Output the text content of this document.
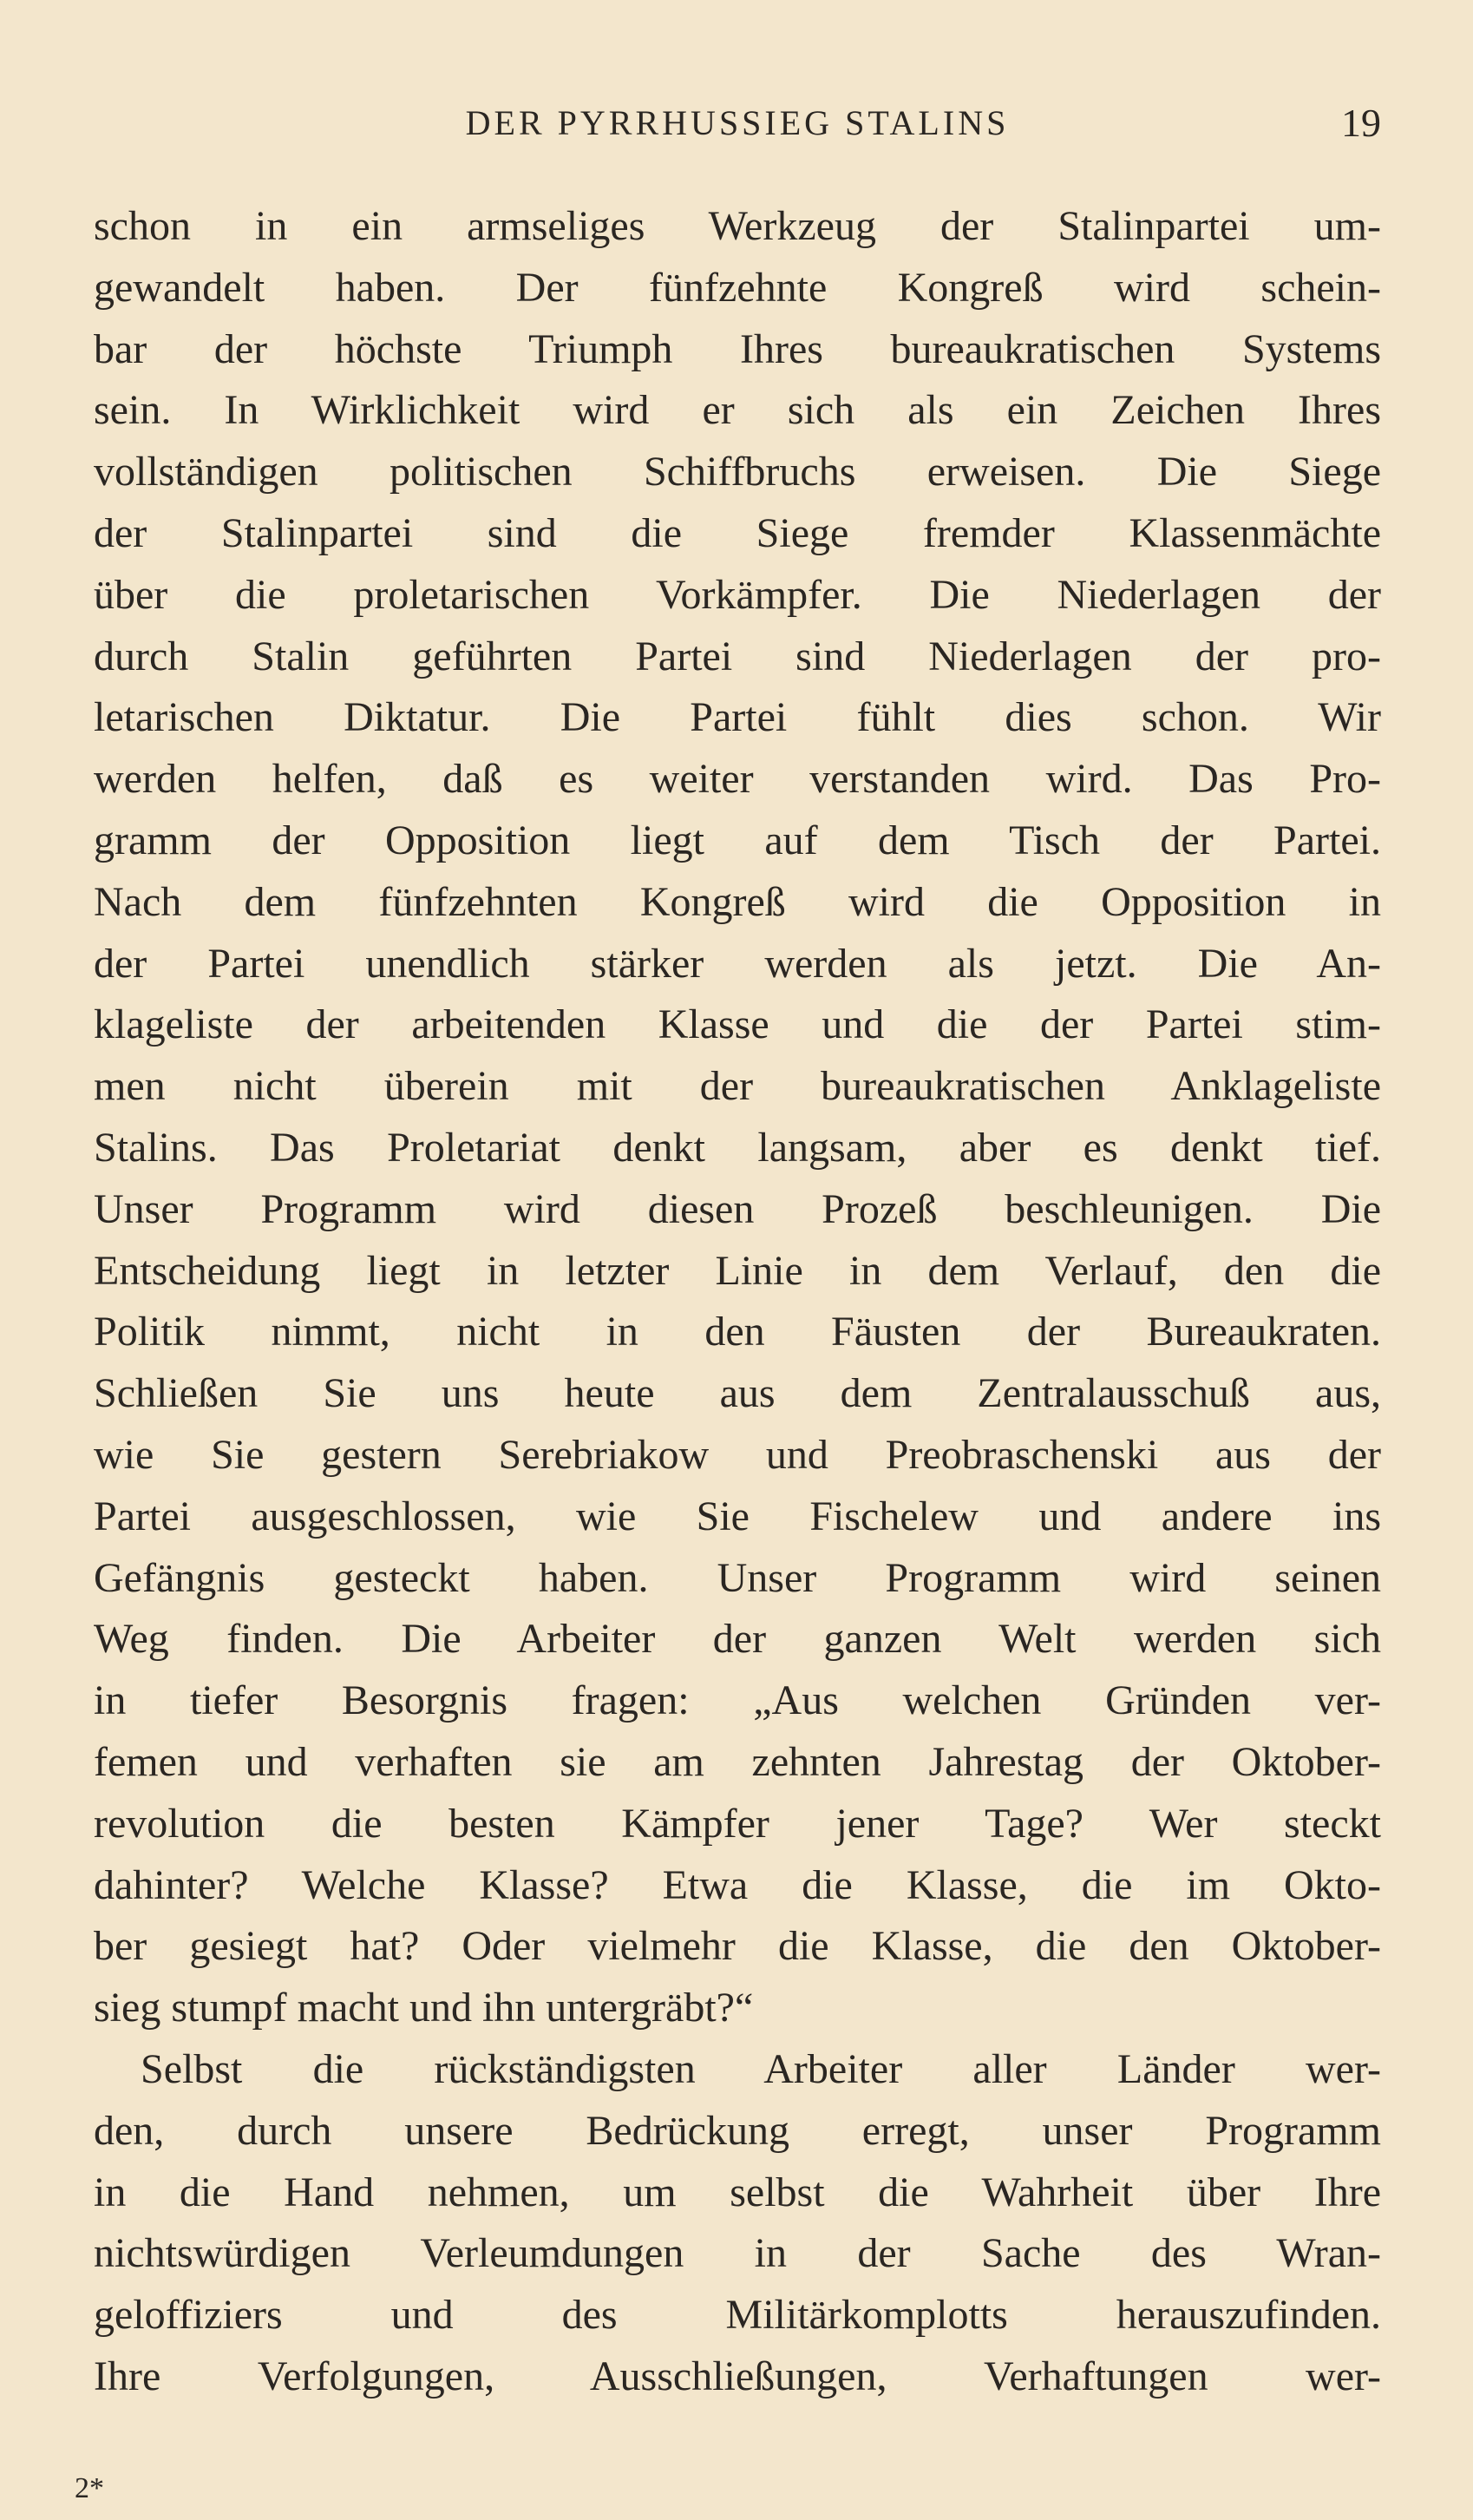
DER PYRRHUSSIEG STALINS	19
schon in ein armseliges Werkzeug der Stalinpartei um-
gewandelt haben. Der fünfzehnte Kongreß wird schein-
bar der höchste Triumph Ihres bureaukratischen Systems
sein. In Wirklichkeit wird er sich als ein Zeichen Ihres
vollständigen politischen Schiffbruchs erweisen. Die Siege
der Stalinpartei sind die Siege fremder Klassenmächte
über die proletarischen Vorkämpfer. Die Niederlagen der
durch Stalin geführten Partei sind Niederlagen der pro-
letarischen Diktatur. Die Partei fühlt dies schon. Wir
werden helfen, daß es weiter verstanden wird. Das Pro-
gramm der Opposition liegt auf dem Tisch der Partei.
Nach dem fünfzehnten Kongreß wird die Opposition in
der Partei unendlich stärker werden als jetzt. Die An-
klageliste der arbeitenden Klasse und die der Partei stim-
men nicht überein mit der bureaukratischen Anklageliste
Stalins. Das Proletariat denkt langsam, aber es denkt tief.
Unser Programm wird diesen Prozeß beschleunigen. Die
Entscheidung liegt in letzter Linie in dem Verlauf, den die
Politik nimmt, nicht in den Fäusten der Bureaukraten.
Schließen Sie uns heute aus dem Zentralausschuß aus,
wie Sie gestern Serebriakow und Preobraschenski aus der
Partei ausgeschlossen, wie Sie Fischelew und andere ins
Gefängnis gesteckt haben. Unser Programm wird seinen
Weg finden. Die Arbeiter der ganzen Welt werden sich
in tiefer Besorgnis fragen: „Aus welchen Gründen ver-
femen und verhaften sie am zehnten Jahrestag der Oktober-
revolution die besten Kämpfer jener Tage? Wer steckt
dahinter? Welche Klasse? Etwa die Klasse, die im Okto-
ber gesiegt hat? Oder vielmehr die Klasse, die den Oktober-
sieg stumpf macht und ihn untergräbt?“
Selbst die rückständigsten Arbeiter aller Länder wer-
den, durch unsere Bedrückung erregt, unser Programm
in die Hand nehmen, um selbst die Wahrheit über Ihre
nichtswürdigen Verleumdungen in der Sache des Wran-
geloffiziers und des Militärkomplotts herauszufinden.
Ihre Verfolgungen, Ausschließungen, Verhaftungen wer-
2*
